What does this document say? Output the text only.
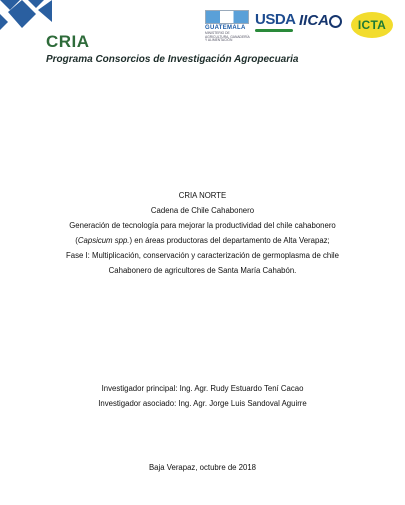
CRIA
Programa Consorcios de Investigación Agropecuaria
GUATEMALA
MINISTERIO DE AGRICULTURA, GANADERÍA Y ALIMENTACIÓN
USDA IICA ICTA
CRIA NORTE
Cadena de Chile Cahabonero
Generación de tecnología para mejorar la productividad del chile cahabonero
(Capsicum spp.) en áreas productoras del departamento de Alta Verapaz;
Fase I: Multiplicación, conservación y caracterización de germoplasma de chile
Cahabonero de agricultores de Santa María Cahabón.
Investigador principal: Ing. Agr. Rudy Estuardo Tení Cacao
Investigador asociado: Ing. Agr. Jorge Luis Sandoval Aguirre
Baja Verapaz, octubre de 2018
